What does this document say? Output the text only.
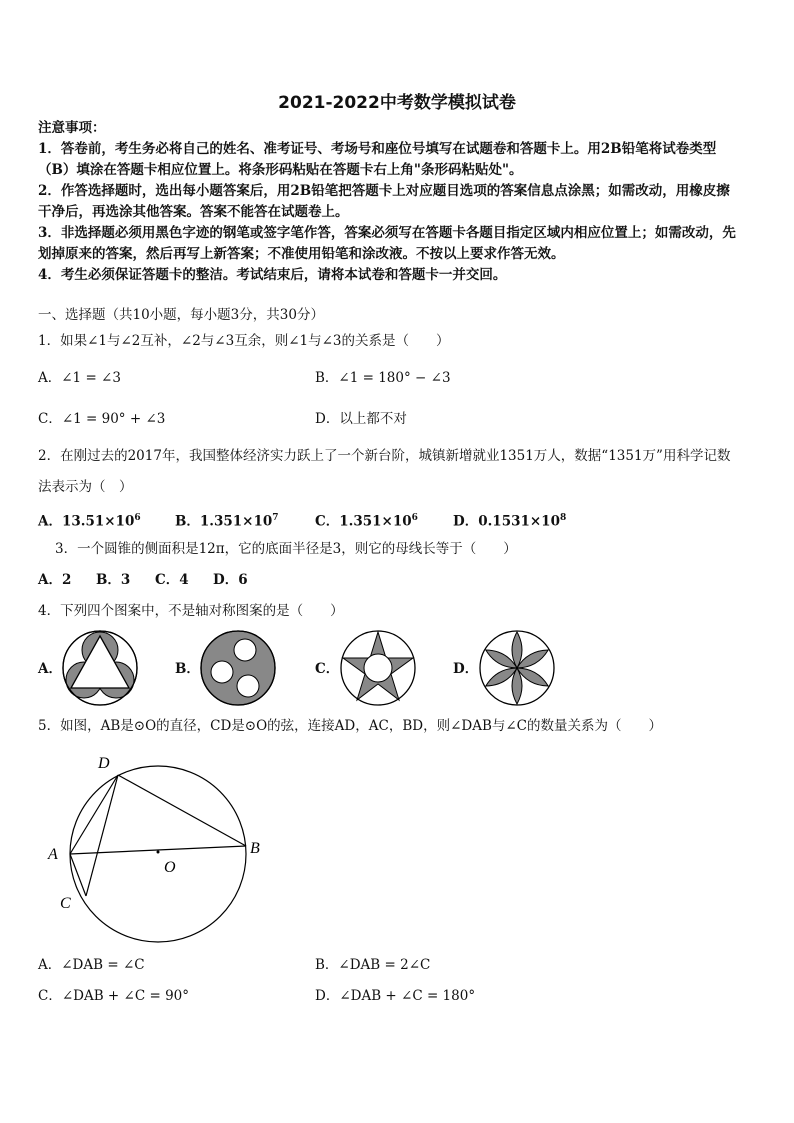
2021-2022中考数学模拟试卷
注意事项：
1．答卷前，考生务必将自己的姓名、准考证号、考场号和座位号填写在试题卷和答题卡上。用2B铅笔将试卷类型
（B）填涂在答题卡相应位置上。将条形码粘贴在答题卡右上角"条形码粘贴处"。
2．作答选择题时，选出每小题答案后，用2B铅笔把答题卡上对应题目选项的答案信息点涂黑；如需改动，用橡皮擦
干净后，再选涂其他答案。答案不能答在试题卷上。
3．非选择题必须用黑色字迹的钢笔或签字笔作答，答案必须写在答题卡各题目指定区域内相应位置上；如需改动，先
划掉原来的答案，然后再写上新答案；不准使用铅笔和涂改液。不按以上要求作答无效。
4．考生必须保证答题卡的整洁。考试结束后，请将本试卷和答题卡一并交回。
一、选择题（共10小题，每小题3分，共30分）
1．如果∠1与∠2互补，∠2与∠3互余，则∠1与∠3的关系是（　　）
A．∠1 = ∠3	B．∠1 = 180° − ∠3
C．∠1 = 90° + ∠3	D．以上都不对
2．在刚过去的2017年，我国整体经济实力跃上了一个新台阶，城镇新增就业1351万人，数据“1351万”用科学记数
法表示为（　）
A．$13.51\times 10^6$	B．$1.351\times 10^7$	C．$1.351\times 10^6$	D．$0.1531\times 10^8$
3．一个圆锥的侧面积是12π，它的底面半径是3，则它的母线长等于（　　）
A．2 B．3 C．4 D．6
4．下列四个图案中，不是轴对称图案的是（　　）
A．	B．	C．	D．
5．如图，AB是⊙O的直径，CD是⊙O的弦，连接AD，AC，BD，则∠DAB与∠C的数量关系为（　　）
D
A	B
O
C
A．∠DAB = ∠C	B．∠DAB = 2∠C
C．∠DAB + ∠C = 90°	D．∠DAB + ∠C = 180°
